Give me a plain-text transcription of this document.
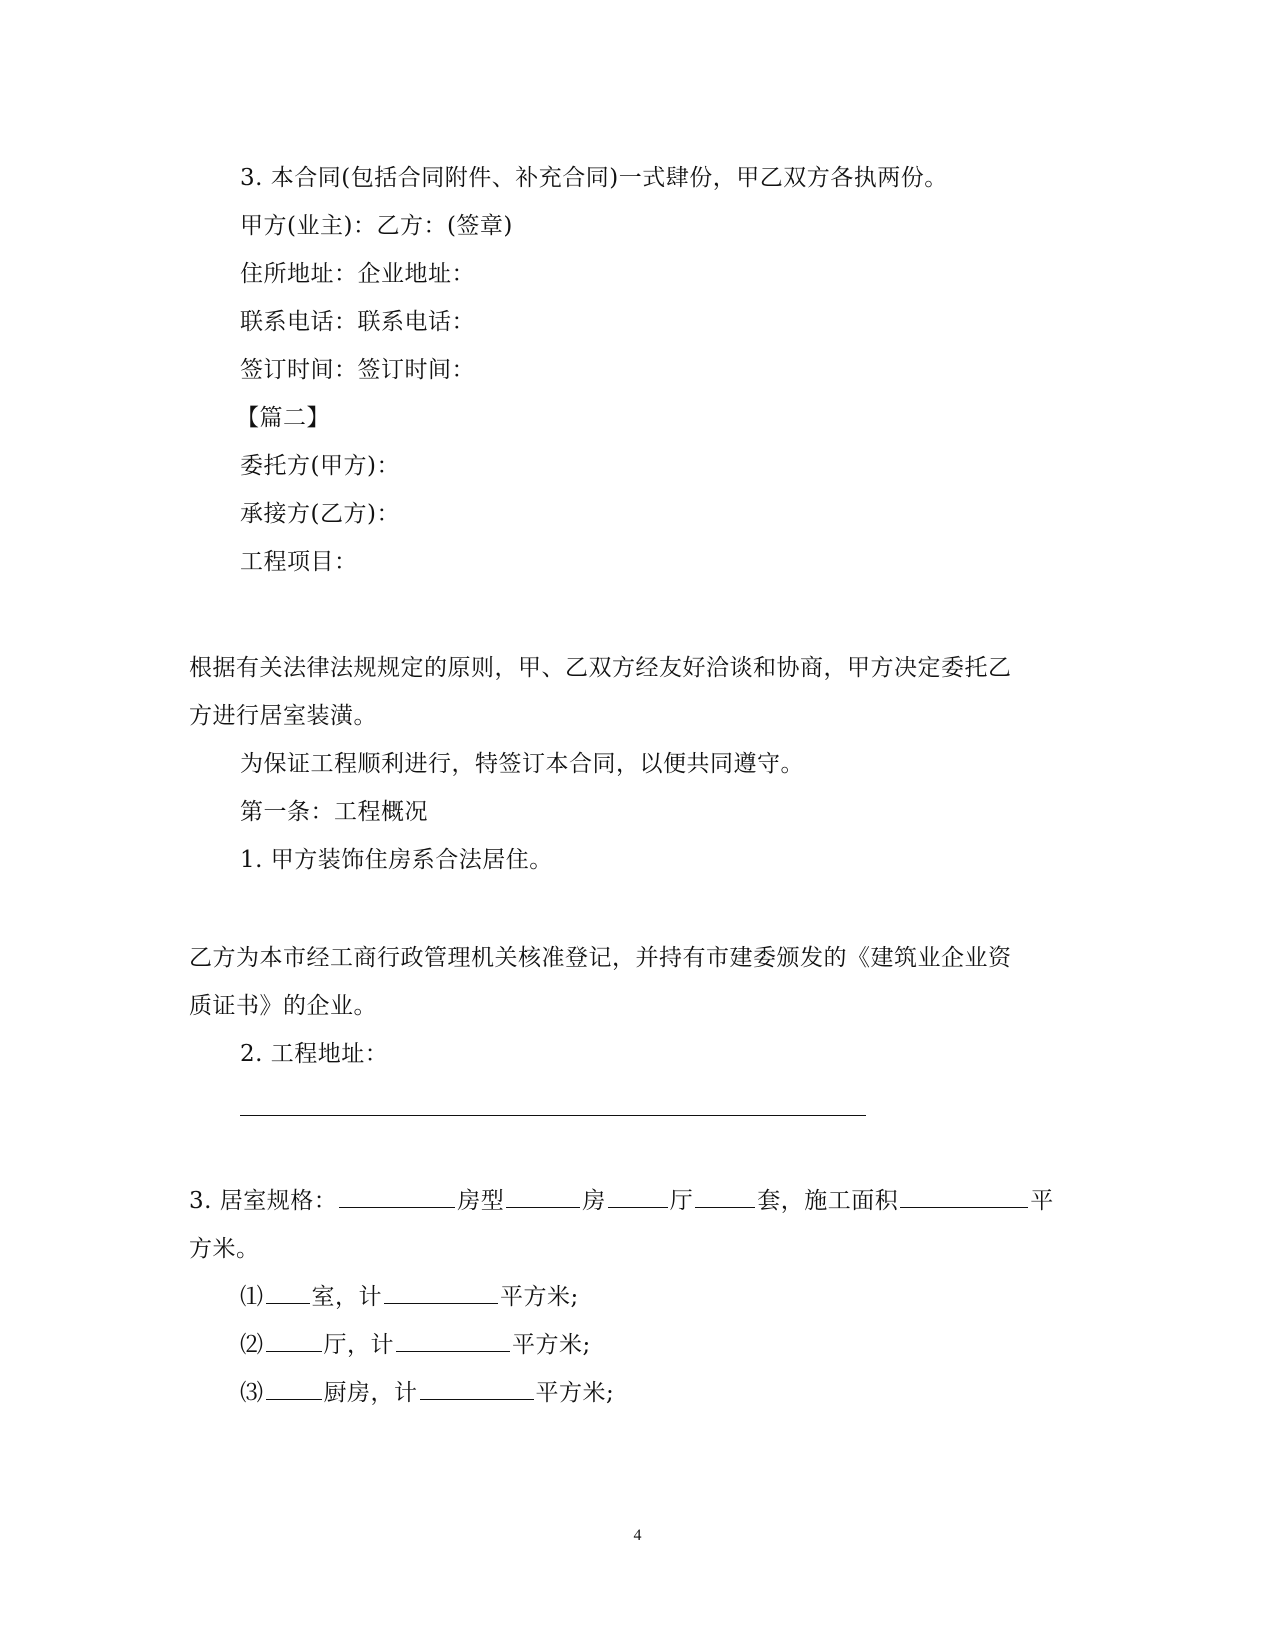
3. 本合同(包括合同附件、补充合同)一式肆份，甲乙双方各执两份。
甲方(业主)：乙方：(签章)
住所地址：企业地址：
联系电话：联系电话：
签订时间：签订时间：
【篇二】
委托方(甲方)：
承接方(乙方)：
工程项目：
根据有关法律法规规定的原则，甲、乙双方经友好洽谈和协商，甲方决定委托乙
方进行居室装潢。
为保证工程顺利进行，特签订本合同，以便共同遵守。
第一条：工程概况
1. 甲方装饰住房系合法居住。
乙方为本市经工商行政管理机关核准登记，并持有市建委颁发的《建筑业企业资
质证书》的企业。
2. 工程地址：
3. 居室规格：	房型	房	厅	套，施工面积	平
方米。
⑴ 室，计	平方米;
⑵	厅，计	平方米;
⑶	厨房，计	平方米;
4
